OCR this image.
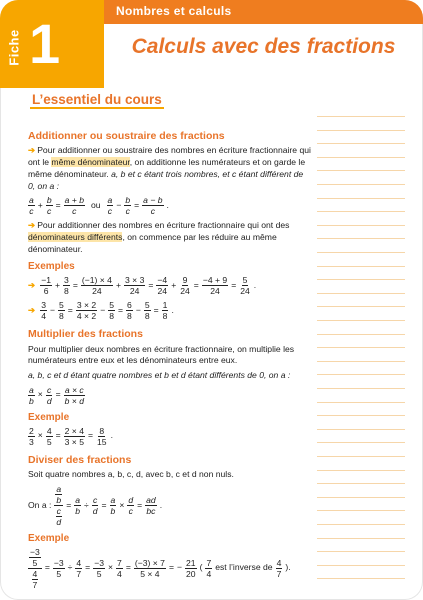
Fiche 1
Nombres et calculs
Calculs avec des fractions
L’essentiel du cours
Additionner ou soustraire des fractions

➔ Pour additionner ou soustraire des nombres en écriture fractionnaire qui ont le même dénominateur, on additionne les numérateurs et on garde le même dénominateur. a, b et c étant trois nombres, et c étant différent de 0, on a :

$\frac{a}{c} + \frac{b}{c} = \frac{a + b}{c}$ ou $\frac{a}{c} - \frac{b}{c} = \frac{a - b}{c}$ .

➔ Pour additionner des nombres en écriture fractionnaire qui ont des dénominateurs différents, on commence par les réduire au même dénominateur.

Exemples
➔ $\frac{-1}{6} + \frac{3}{8} = \frac{(-1) \times 4}{24} + \frac{3 \times 3}{24} = \frac{-4}{24} + \frac{9}{24} = \frac{-4 + 9}{24} = \frac{5}{24}$ .
➔ $\frac{3}{4} - \frac{5}{8} = \frac{3 \times 2}{4 \times 2} - \frac{5}{8} = \frac{6}{8} - \frac{5}{8} = \frac{1}{8}$ .
Multiplier des fractions

Pour multiplier deux nombres en écriture fractionnaire, on multiplie les numérateurs entre eux et les dénominateurs entre eux.

a, b, c et d étant quatre nombres et b et d étant différents de 0, on a :

$\frac{a}{b} \times \frac{c}{d} = \frac{a \times c}{b \times d}$
Exemple
$\frac{2}{3} \times \frac{4}{5} = \frac{2 \times 4}{3 \times 5} = \frac{8}{15}$ .
Diviser des fractions

Soit quatre nombres a, b, c, d, avec b, c et d non nuls.

On a : $\frac{\frac{a}{b}}{\frac{c}{d}} = \frac{a}{b} \div \frac{c}{d} = \frac{a}{b} \times \frac{d}{c} = \frac{ad}{bc}$ .
Exemple
$\frac{\frac{-3}{5}}{\frac{4}{7}} = \frac{-3}{5} \div \frac{4}{7} = \frac{-3}{5} \times \frac{7}{4} = \frac{(-3) \times 7}{5 \times 4}$ = − $\frac{21}{20}$ ( $\frac{7}{4}$ est l’inverse de $\frac{4}{7}$ ).
